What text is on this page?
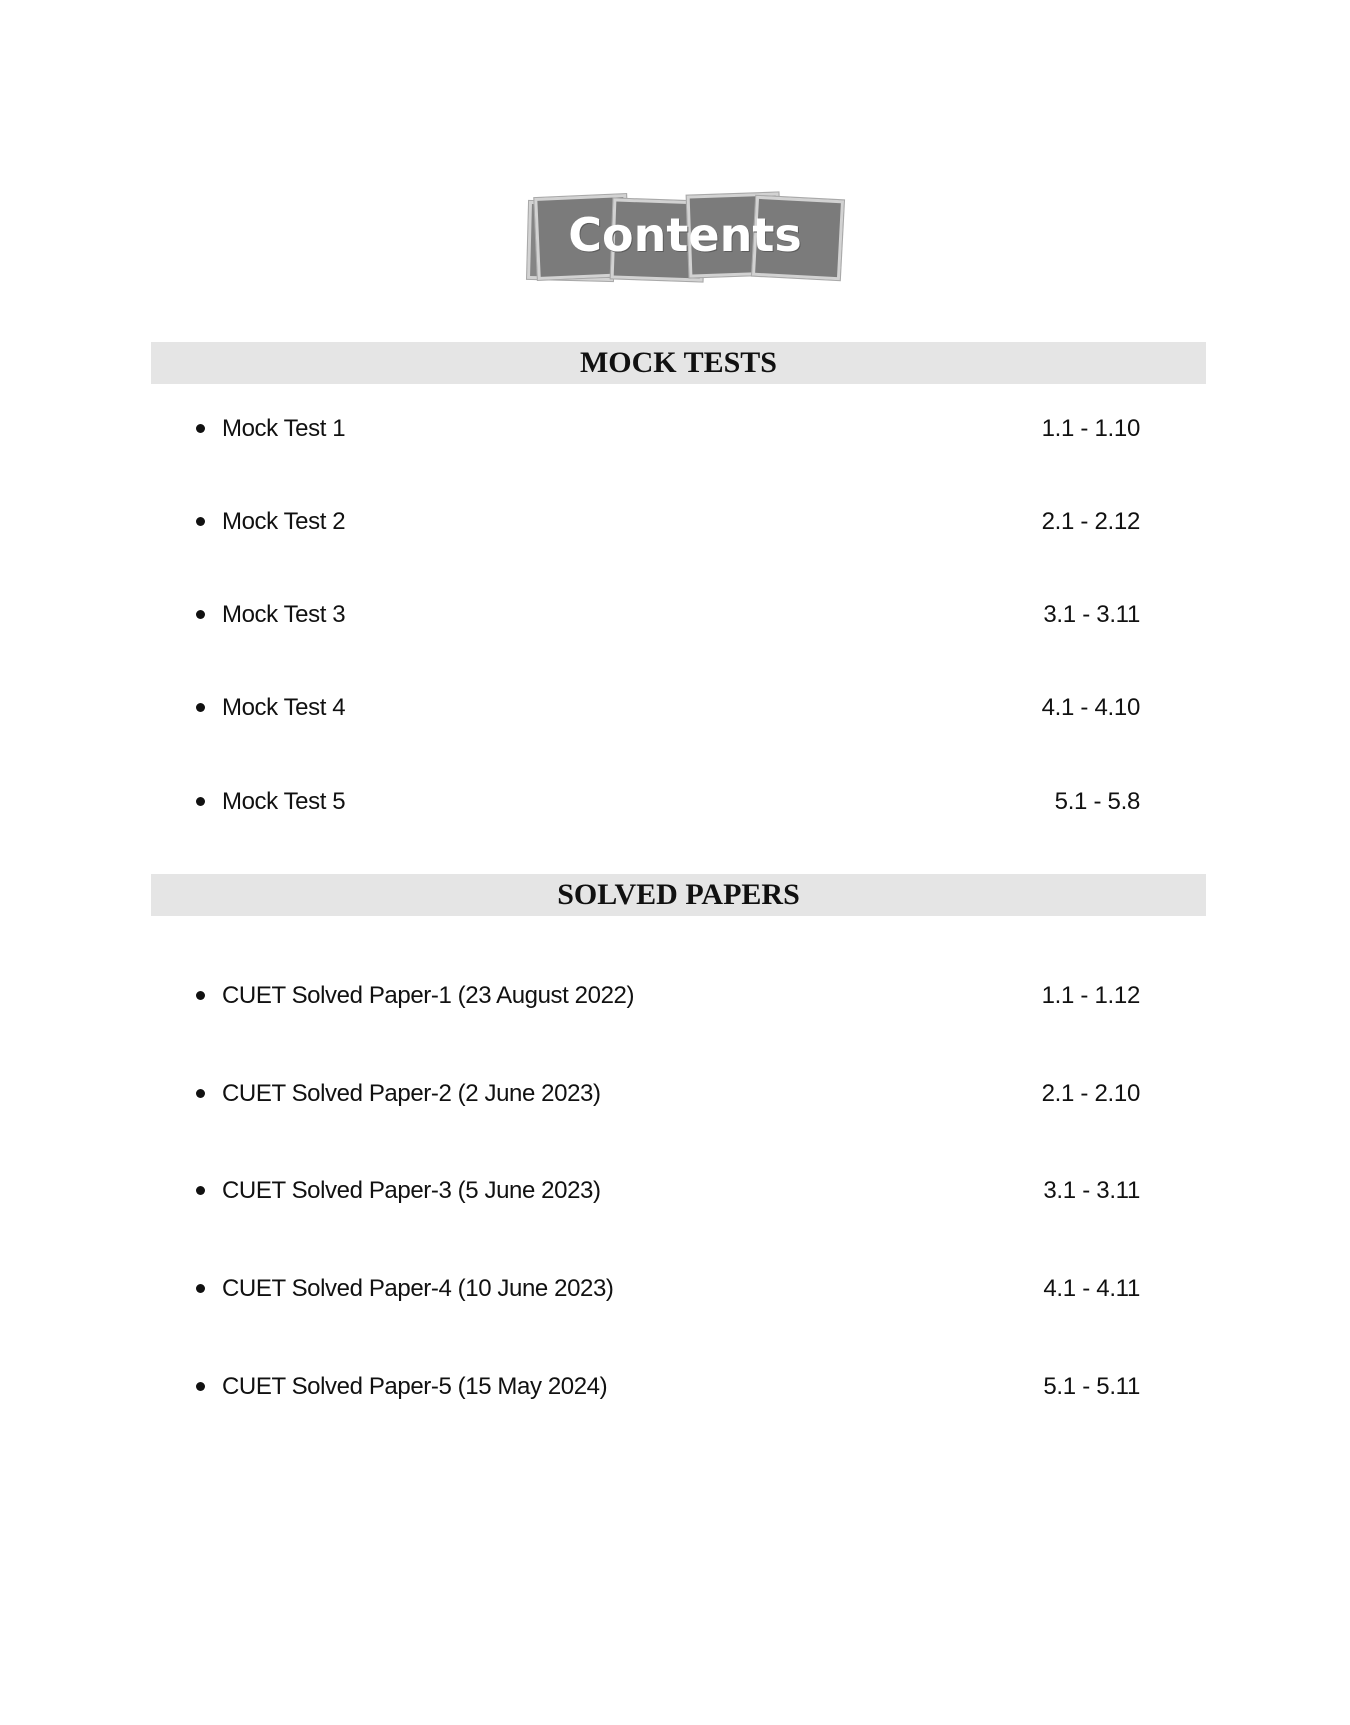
Contents
MOCK TESTS
Mock Test 1	1.1 - 1.10
Mock Test 2	2.1 - 2.12
Mock Test 3	3.1 - 3.11
Mock Test 4	4.1 - 4.10
Mock Test 5	5.1 - 5.8
SOLVED PAPERS
CUET Solved Paper-1 (23 August 2022)	1.1 - 1.12
CUET Solved Paper-2 (2 June 2023)	2.1 - 2.10
CUET Solved Paper-3 (5 June 2023)	3.1 - 3.11
CUET Solved Paper-4 (10 June 2023)	4.1 - 4.11
CUET Solved Paper-5 (15 May 2024)	5.1 - 5.11
